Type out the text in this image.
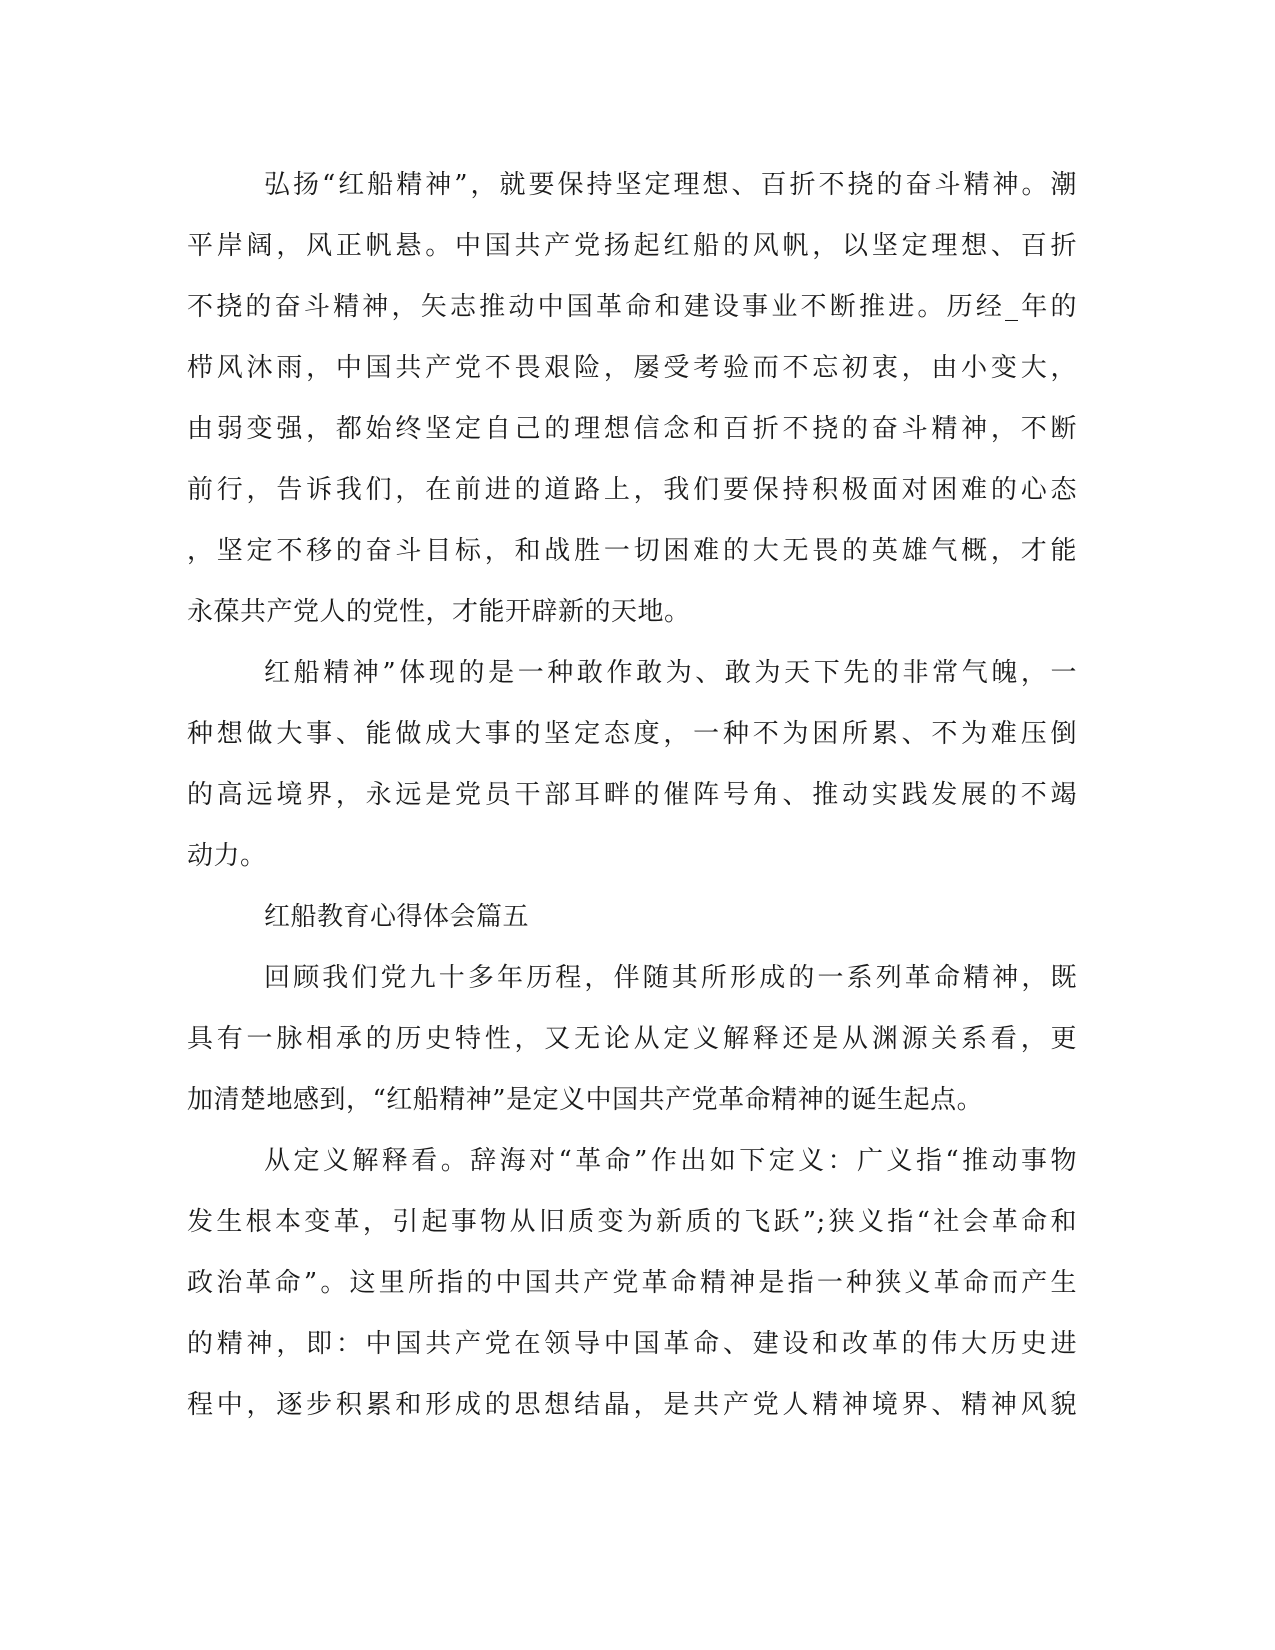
弘扬“红船精神”，就要保持坚定理想、百折不挠的奋斗精神。潮
平岸阔，风正帆悬。中国共产党扬起红船的风帆，以坚定理想、百折
不挠的奋斗精神，矢志推动中国革命和建设事业不断推进。历经_年的
栉风沐雨，中国共产党不畏艰险，屡受考验而不忘初衷，由小变大，
由弱变强，都始终坚定自己的理想信念和百折不挠的奋斗精神，不断
前行，告诉我们，在前进的道路上，我们要保持积极面对困难的心态
，坚定不移的奋斗目标，和战胜一切困难的大无畏的英雄气概，才能
永葆共产党人的党性，才能开辟新的天地。
红船精神”体现的是一种敢作敢为、敢为天下先的非常气魄，一
种想做大事、能做成大事的坚定态度，一种不为困所累、不为难压倒
的高远境界，永远是党员干部耳畔的催阵号角、推动实践发展的不竭
动力。
红船教育心得体会篇五
回顾我们党九十多年历程，伴随其所形成的一系列革命精神，既
具有一脉相承的历史特性，又无论从定义解释还是从渊源关系看，更
加清楚地感到，“红船精神”是定义中国共产党革命精神的诞生起点。
从定义解释看。辞海对“革命”作出如下定义：广义指“推动事物
发生根本变革，引起事物从旧质变为新质的飞跃”;狭义指“社会革命和
政治革命”。这里所指的中国共产党革命精神是指一种狭义革命而产生
的精神，即：中国共产党在领导中国革命、建设和改革的伟大历史进
程中，逐步积累和形成的思想结晶，是共产党人精神境界、精神风貌
